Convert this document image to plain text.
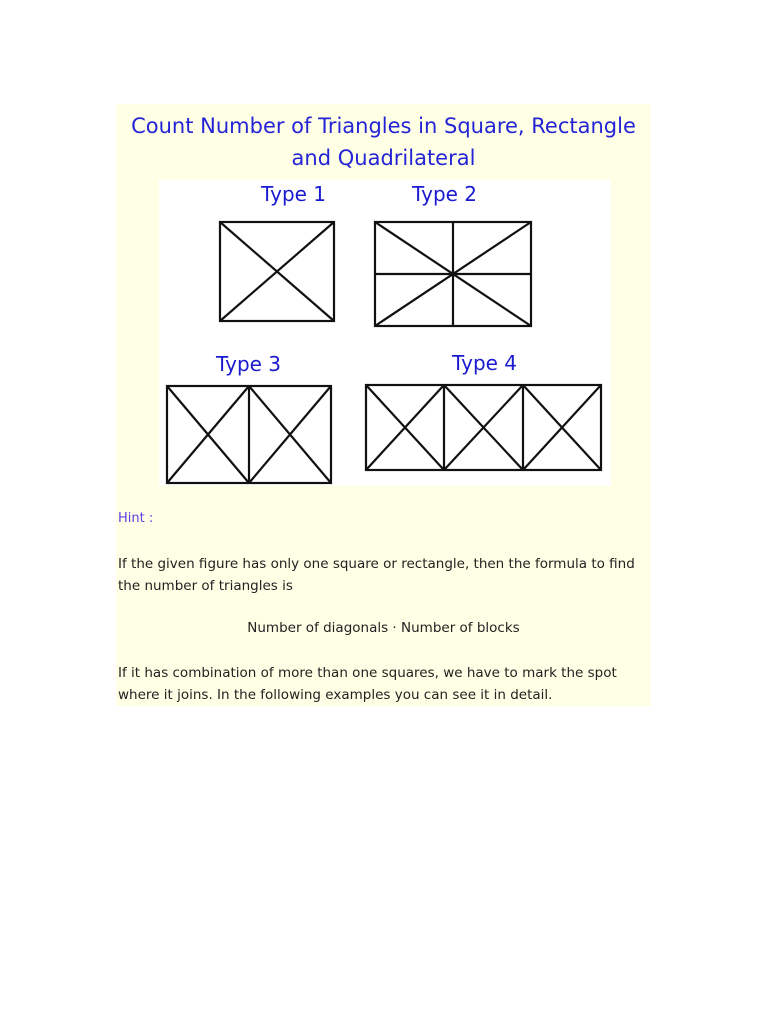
Count Number of Triangles in Square, Rectangle and Quadrilateral
Type 1	Type 2
Type 3	Type 4

Hint :

If the given figure has only one square or rectangle, then the formula to find the number of triangles is

Number of diagonals · Number of blocks

If it has combination of more than one squares, we have to mark the spot where it joins. In the following examples you can see it in detail.
